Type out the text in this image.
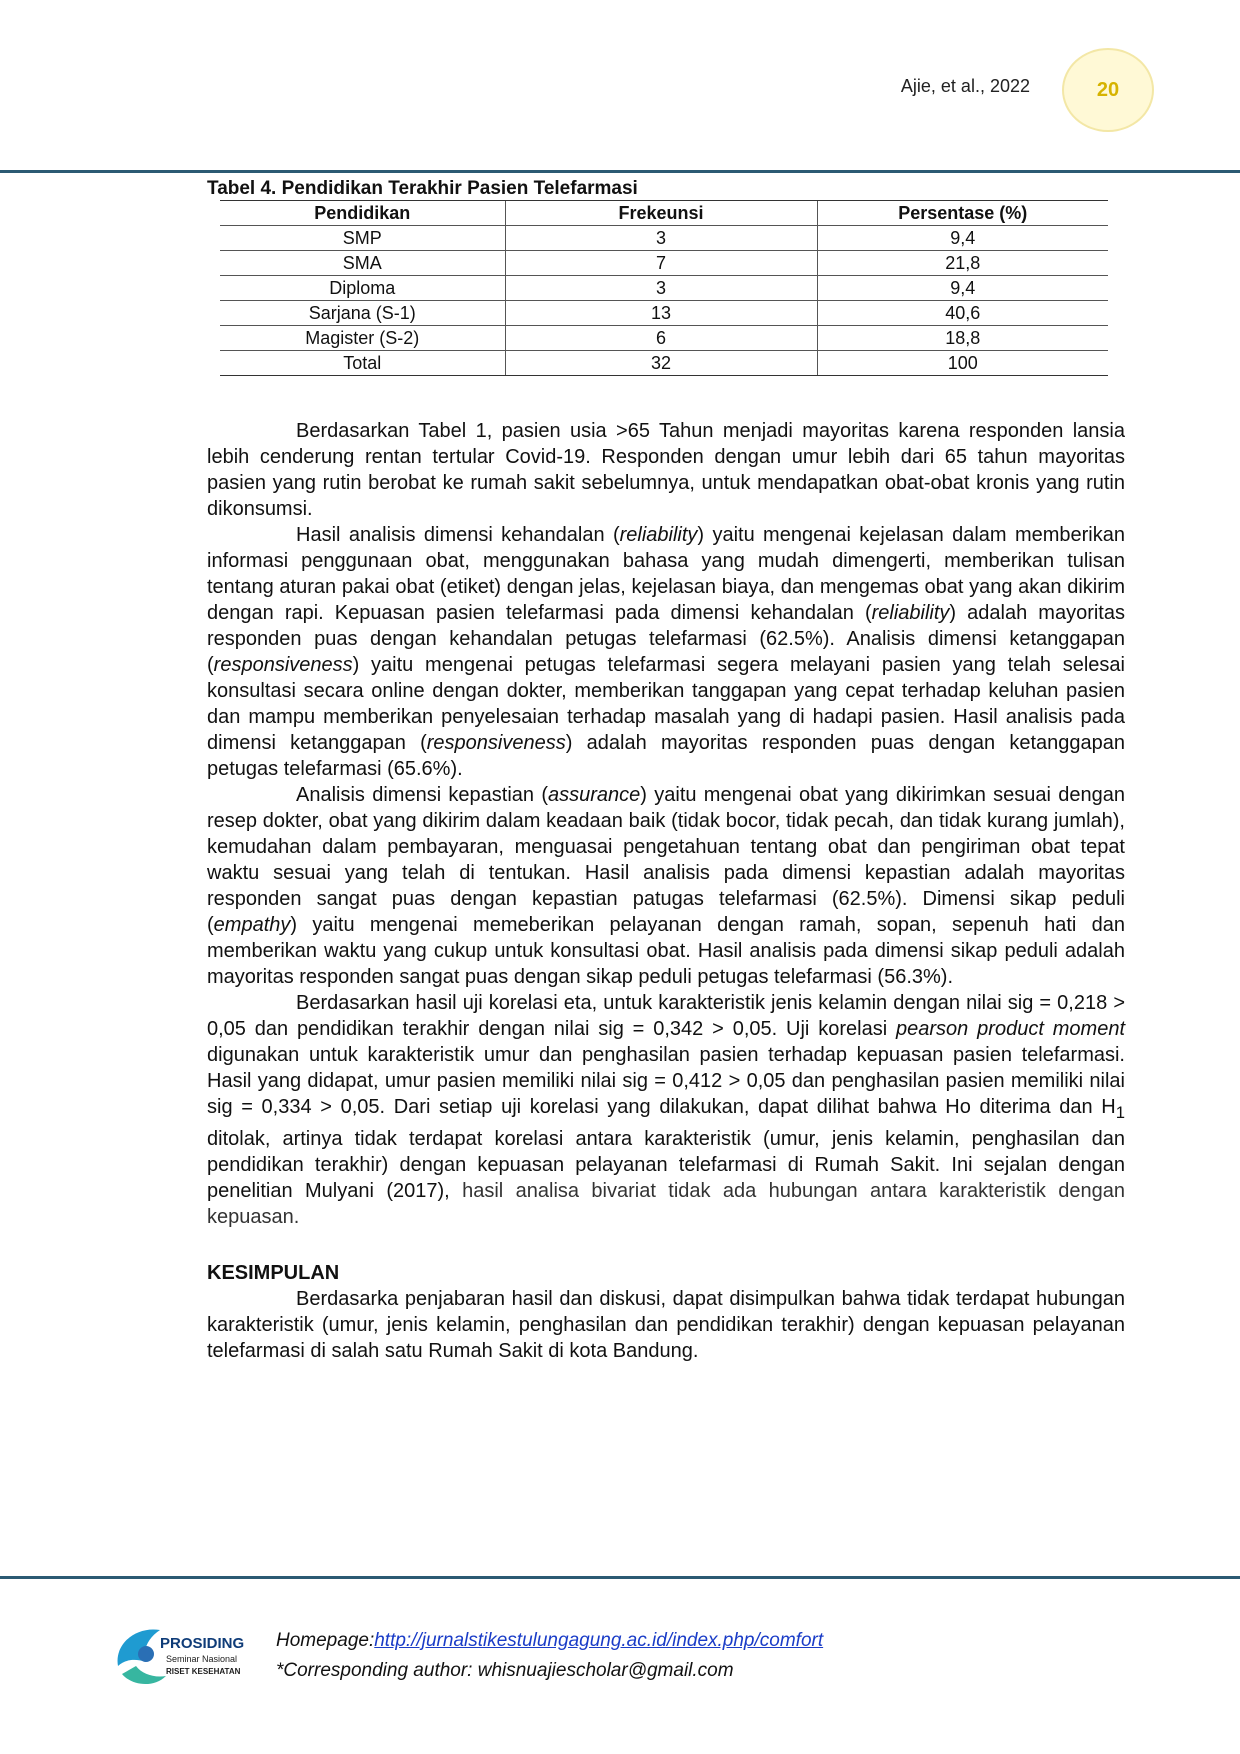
Ajie, et al., 2022	20

Tabel 4. Pendidikan Terakhir Pasien Telefarmasi

Pendidikan	Frekeunsi	Persentase (%)
SMP	3	9,4
SMA	7	21,8
Diploma	3	9,4
Sarjana (S-1)	13	40,6
Magister (S-2)	6	18,8
Total	32	100

Berdasarkan Tabel 1, pasien usia >65 Tahun menjadi mayoritas karena responden lansia lebih cenderung rentan tertular Covid-19. Responden dengan umur lebih dari 65 tahun mayoritas pasien yang rutin berobat ke rumah sakit sebelumnya, untuk mendapatkan obat-obat kronis yang rutin dikonsumsi.

Hasil analisis dimensi kehandalan (reliability) yaitu mengenai kejelasan dalam memberikan informasi penggunaan obat, menggunakan bahasa yang mudah dimengerti, memberikan tulisan tentang aturan pakai obat (etiket) dengan jelas, kejelasan biaya, dan mengemas obat yang akan dikirim dengan rapi. Kepuasan pasien telefarmasi pada dimensi kehandalan (reliability) adalah mayoritas responden puas dengan kehandalan petugas telefarmasi (62.5%). Analisis dimensi ketanggapan (responsiveness) yaitu mengenai petugas telefarmasi segera melayani pasien yang telah selesai konsultasi secara online dengan dokter, memberikan tanggapan yang cepat terhadap keluhan pasien dan mampu memberikan penyelesaian terhadap masalah yang di hadapi pasien. Hasil analisis pada dimensi ketanggapan (responsiveness) adalah mayoritas responden puas dengan ketanggapan petugas telefarmasi (65.6%).

Analisis dimensi kepastian (assurance) yaitu mengenai obat yang dikirimkan sesuai dengan resep dokter, obat yang dikirim dalam keadaan baik (tidak bocor, tidak pecah, dan tidak kurang jumlah), kemudahan dalam pembayaran, menguasai pengetahuan tentang obat dan pengiriman obat tepat waktu sesuai yang telah di tentukan. Hasil analisis pada dimensi kepastian adalah mayoritas responden sangat puas dengan kepastian patugas telefarmasi (62.5%). Dimensi sikap peduli (empathy) yaitu mengenai memeberikan pelayanan dengan ramah, sopan, sepenuh hati dan memberikan waktu yang cukup untuk konsultasi obat. Hasil analisis pada dimensi sikap peduli adalah mayoritas responden sangat puas dengan sikap peduli petugas telefarmasi (56.3%).

Berdasarkan hasil uji korelasi eta, untuk karakteristik jenis kelamin dengan nilai sig = 0,218 > 0,05 dan pendidikan terakhir dengan nilai sig = 0,342 > 0,05. Uji korelasi pearson product moment digunakan untuk karakteristik umur dan penghasilan pasien terhadap kepuasan pasien telefarmasi. Hasil yang didapat, umur pasien memiliki nilai sig = 0,412 > 0,05 dan penghasilan pasien memiliki nilai sig = 0,334 > 0,05. Dari setiap uji korelasi yang dilakukan, dapat dilihat bahwa Ho diterima dan $H_1$ ditolak, artinya tidak terdapat korelasi antara karakteristik (umur, jenis kelamin, penghasilan dan pendidikan terakhir) dengan kepuasan pelayanan telefarmasi di Rumah Sakit. Ini sejalan dengan penelitian Mulyani (2017), hasil analisa bivariat tidak ada hubungan antara karakteristik dengan kepuasan.

KESIMPULAN

Berdasarka penjabaran hasil dan diskusi, dapat disimpulkan bahwa tidak terdapat hubungan karakteristik (umur, jenis kelamin, penghasilan dan pendidikan terakhir) dengan kepuasan pelayanan telefarmasi di salah satu Rumah Sakit di kota Bandung.

PROSIDING
Seminar Nasional
RISET KESEHATAN
Homepage:http://jurnalstikestulungagung.ac.id/index.php/comfort
*Corresponding author: whisnuajiescholar@gmail.com
